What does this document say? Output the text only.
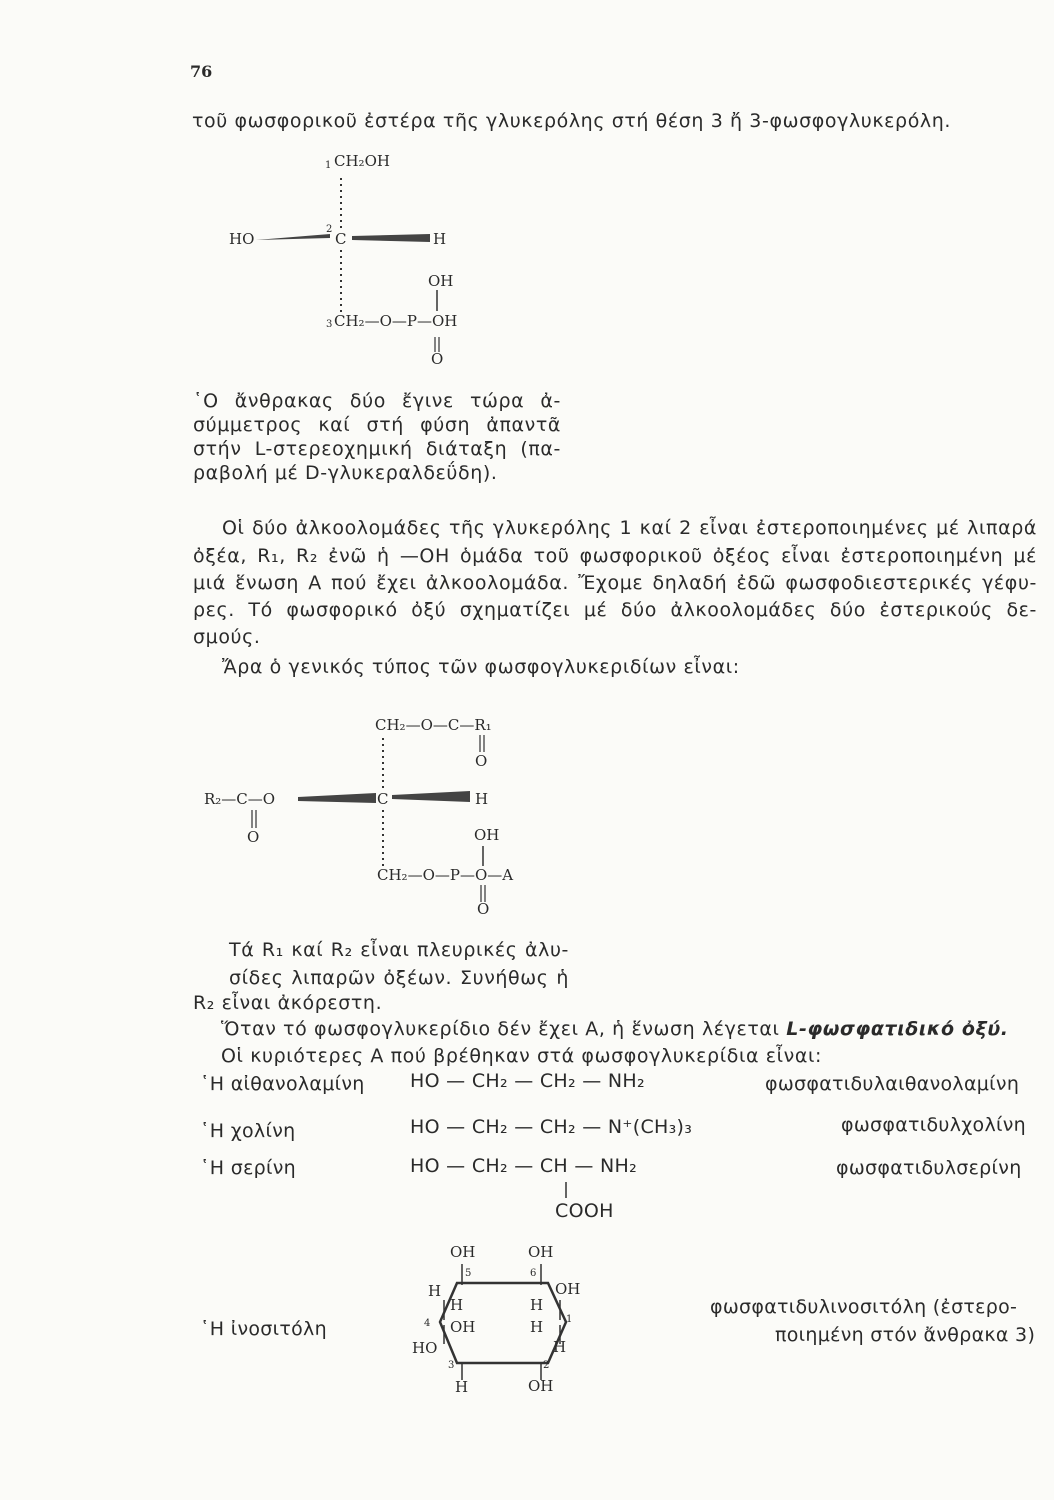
76
τοῦ φωσφορικοῦ ἐστέρα τῆς γλυκερόλης στή θέση 3 ἤ 3-φωσφογλυκερόλη.
1 CH₂OH
HO
2
C	H
OH
3 CH₂—O—P—OH
O
῾Ο ἄνθρακας δύο ἔγινε τώρα ἀ-
σύμμετρος καί στή φύση ἀπαντᾶ
στήν L-στερεοχημική διάταξη (πα-
ραβολή μέ D-γλυκεραλδεΰδη).
Οἱ δύο ἀλκοολομάδες τῆς γλυκερόλης 1 καί 2 εἶναι ἐστεροποιημένες μέ λιπαρά
ὀξέα, R₁, R₂ ἐνῶ ἡ —ΟΗ ὁμάδα τοῦ φωσφορικοῦ ὀξέος εἶναι ἐστεροποιημένη μέ
μιά ἕνωση Α πού ἔχει ἀλκοολομάδα. Ἔχομε δηλαδή ἐδῶ φωσφοδιεστερικές γέφυ-
ρες. Τό φωσφορικό ὀξύ σχηματίζει μέ δύο ἀλκοολομάδες δύο ἐστερικούς δε-
σμούς.
Ἄρα ὁ γενικός τύπος τῶν φωσφογλυκεριδίων εἶναι:
CH₂—O—C—R₁
O
R₂—C—O
O
C	H
OH
CH₂—O—P—O—A
O
Τά R₁ καί R₂ εἶναι πλευρικές ἀλυ-
σίδες λιπαρῶν ὀξέων. Συνήθως ἡ
R₂ εἶναι ἀκόρεστη.
Ὅταν τό φωσφογλυκερίδιο δέν ἔχει Α, ἡ ἕνωση λέγεται L-φωσφατιδικό ὀξύ.
Οἱ κυριότερες Α πού βρέθηκαν στά φωσφογλυκερίδια εἶναι:
῾Η αἰθανολαμίνη HO — CH₂ — CH₂ — NH₂	φωσφατιδυλαιθανολαμίνη
῾Η χολίνη	HO — CH₂ — CH₂ — N⁺(CH₃)₃	φωσφατιδυλχολίνη
῾Η σερίνη	HO — CH₂ — CH — NH₂	φωσφατιδυλσερίνη
COOH
῾Η ἰνοσιτόλη
OH	OH
5	6
H
H	H
OH
4 OH
HO
H 1
H
3	2
H	OH
φωσφατιδυλινοσιτόλη (ἐστερο-
ποιημένη στόν ἄνθρακα 3)
